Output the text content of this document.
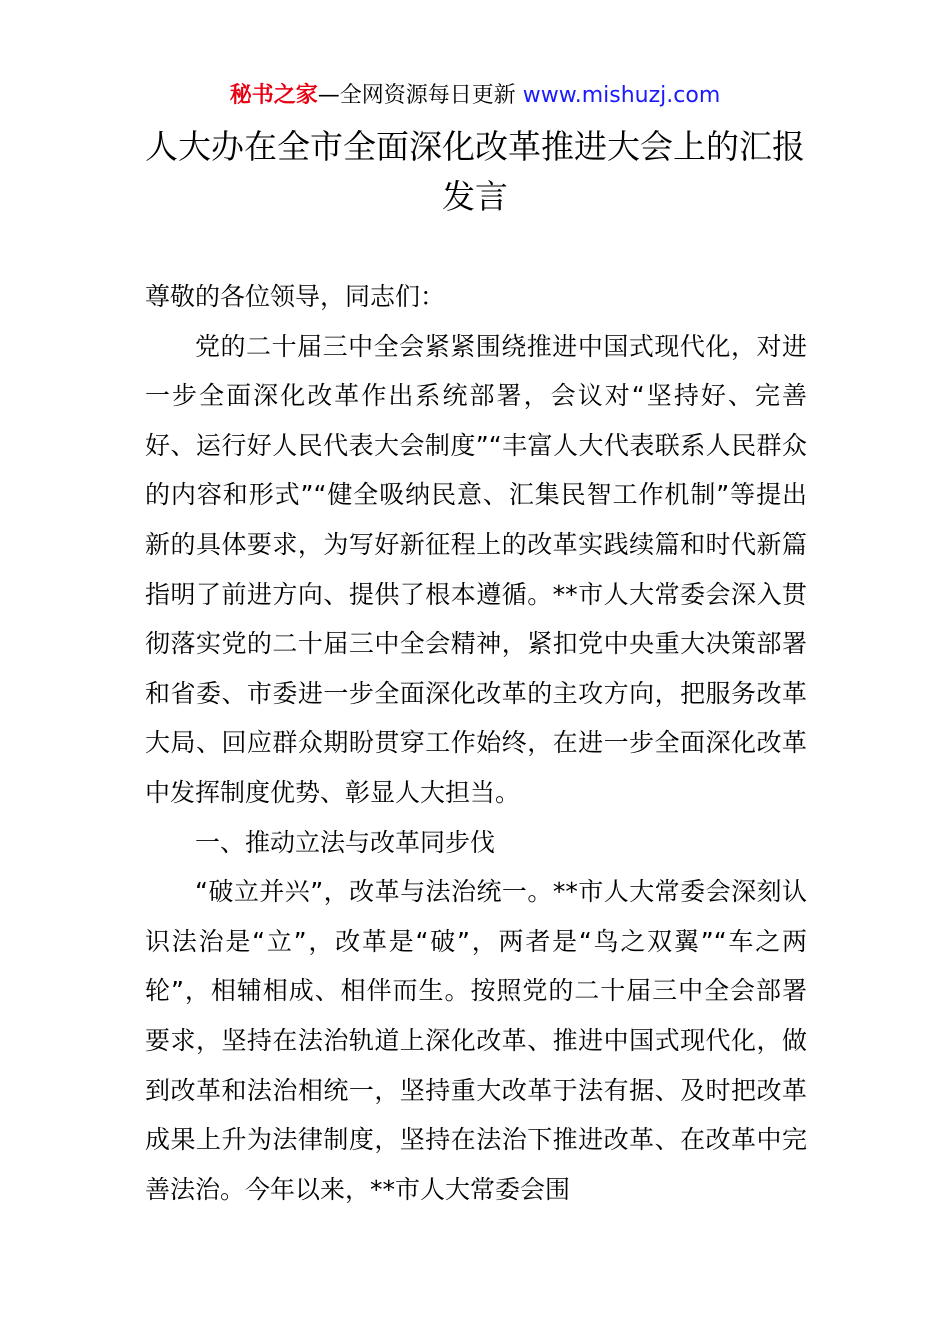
秘书之家—全网资源每日更新 www.mishuzj.com
人大办在全市全面深化改革推进大会上的汇报发言

尊敬的各位领导，同志们：

党的二十届三中全会紧紧围绕推进中国式现代化，对进一步全面深化改革作出系统部署，会议对“坚持好、完善好、运行好人民代表大会制度”“丰富人大代表联系人民群众的内容和形式”“健全吸纳民意、汇集民智工作机制”等提出新的具体要求，为写好新征程上的改革实践续篇和时代新篇指明了前进方向、提供了根本遵循。**市人大常委会深入贯彻落实党的二十届三中全会精神，紧扣党中央重大决策部署和省委、市委进一步全面深化改革的主攻方向，把服务改革大局、回应群众期盼贯穿工作始终，在进一步全面深化改革中发挥制度优势、彰显人大担当。

一、推动立法与改革同步伐

“破立并兴”，改革与法治统一。**市人大常委会深刻认识法治是“立”，改革是“破”，两者是“鸟之双翼”“车之两轮”，相辅相成、相伴而生。按照党的二十届三中全会部署要求，坚持在法治轨道上深化改革、推进中国式现代化，做到改革和法治相统一，坚持重大改革于法有据、及时把改革成果上升为法律制度，坚持在法治下推进改革、在改革中完善法治。今年以来，**市人大常委会围
